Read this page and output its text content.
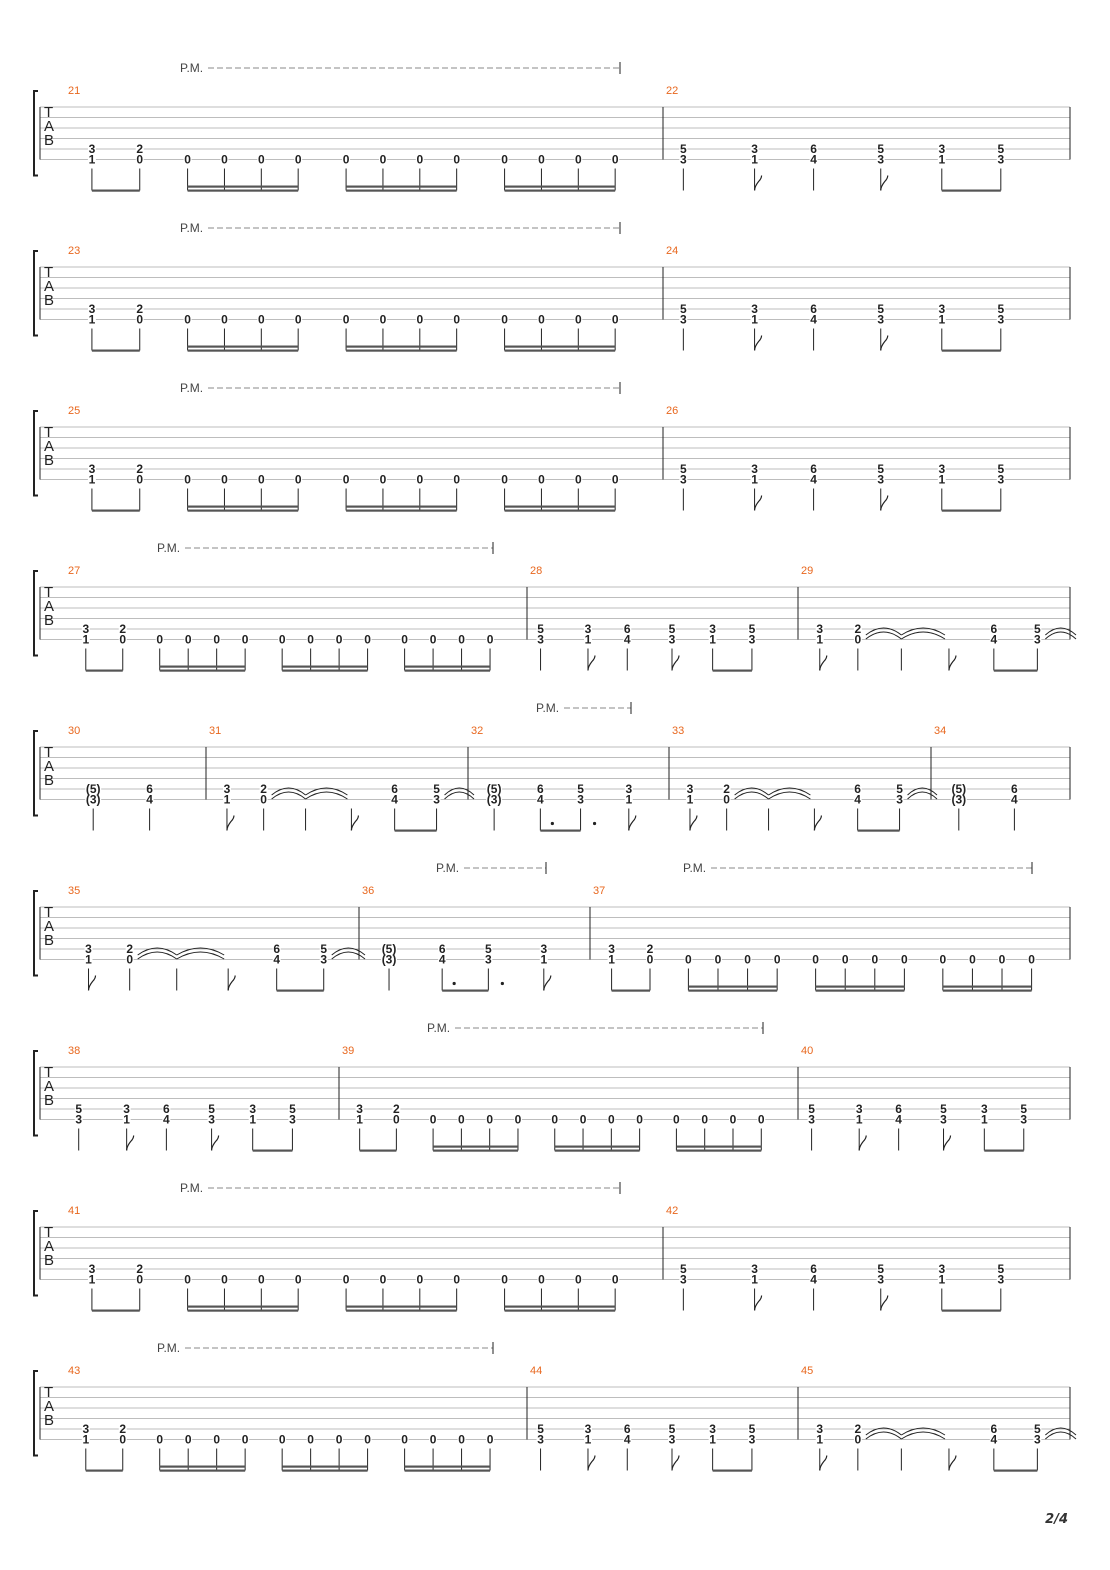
T
A
B
21
3
1
2
0	0	0	0	0	0	0	0	0	0	0	0	0
22
5
3
3
1
6
4
5
3
3
1
5
3
P.M.
T
A
B
23
3
1
2
0	0	0	0	0	0	0	0	0	0	0	0	0
24
5
3
3
1
6
4
5
3
3
1
5
3
P.M.
T
A
B
25
3
1
2
0	0	0	0	0	0	0	0	0	0	0	0	0
26
5
3
3
1
6
4
5
3
3
1
5
3
P.M.
T
A
B
27
3
1
2
0	0 0 0 0	0 0 0 0	0 0 0 0
28
5
3
3
1
6
4
5
3
3
1
5
3
29
3
1
2
0
6
4
5
3
P.M.
T
A
B
30
(5)
(3)
6
4
31
3
1
2
0
6
4
5
3
32
(5)
(3)
6
4
5
3
3
1
33
3
1
2
0
6
4
5
3
34
(5)
(3)
6
4
P.M.
T
A
B
35
3
1
2
0
6
4
5
3
36
(5)
(3)
6
4
5
3
3
1
37
3
1
2
0	0 0 0 0	0 0 0 0	0 0 0 0
P.M.	P.M.
T
A
B
38
5
3
3
1
6
4
5
3
3
1
5
3
39
3
1
2
0	0 0 0 0	0 0 0 0	0 0 0 0
40
5
3
3
1
6
4
5
3
3
1
5
3
P.M.
T
A
B
41
3
1
2
0	0	0	0	0	0	0	0	0	0	0	0	0
42
5
3
3
1
6
4
5
3
3
1
5
3
P.M.
T
A
B
43
3
1
2
0	0 0 0 0	0 0 0 0	0 0 0 0
44
5
3
3
1
6
4
5
3
3
1
5
3
45
3
1
2
0
6
4
5
3
P.M.
2/4
